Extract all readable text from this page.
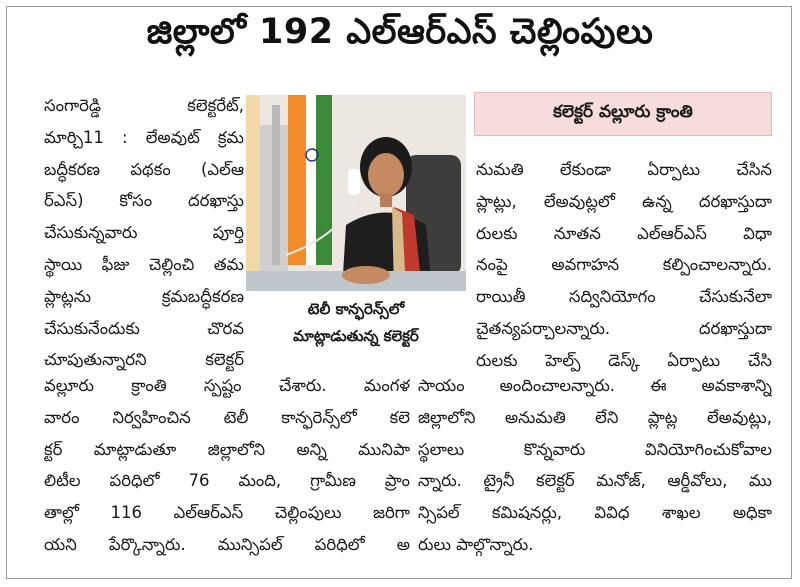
జిల్లాలో 192 ఎల్ఆర్ఎస్ చెల్లింపులు
సంగారెడ్డి కలెక్టరేట్,
మార్చి11 : లేఅవుట్ క్రమ
బద్ధీకరణ పథకం (ఎల్ఆ
ర్ఎస్) కోసం దరఖాస్తు
చేసుకున్నవారు పూర్తి
స్థాయి ఫీజు చెల్లించి తమ
ప్లాట్లను క్రమబద్ధీకరణ
చేసుకునేందుకు చొరవ
చూపుతున్నారని కలెక్టర్
టెలీ కాన్ఫరెన్స్‌లో
మాట్లాడుతున్న కలెక్టర్
కలెక్టర్ వల్లూరు క్రాంతి
నుమతి లేకుండా ఏర్పాటు చేసిన
ప్లాట్లు, లేఅవుట్లలో ఉన్న దరఖాస్తుదా
రులకు నూతన ఎల్ఆర్ఎస్ విధా
నంపై అవగాహన కల్పించాలన్నారు.
రాయితీ సద్వినియోగం చేసుకునేలా
చైతన్యపర్చాలన్నారు. దరఖాస్తుదా
రులకు హెల్ప్ డెస్క్ ఏర్పాటు చేసి
వల్లూరు క్రాంతి స్పష్టం చేశారు. మంగళ
వారం నిర్వహించిన టెలీ కాన్ఫరెన్స్‌లో కలె
క్టర్ మాట్లాడుతూ జిల్లాలోని అన్ని మునిపా
లిటీల పరిధిలో 76 మంది, గ్రామీణ ప్రాం
తాల్లో 116 ఎల్ఆర్ఎస్ చెల్లింపులు జరిగా
యని పేర్కొన్నారు. మున్సిపల్ పరిధిలో అ
సాయం అందించాలన్నారు. ఈ అవకాశాన్ని
జిల్లాలోని అనుమతి లేని ప్లాట్ల లేఅవుట్లు,
స్థలాలు కొన్నవారు వినియోగించుకోవాల
న్నారు. ట్రైనీ కలెక్టర్ మనోజ్, ఆర్డీవోలు, ము
న్సిపల్ కమిషనర్లు, వివిధ శాఖల అధికా
రులు పాల్గొన్నారు.
